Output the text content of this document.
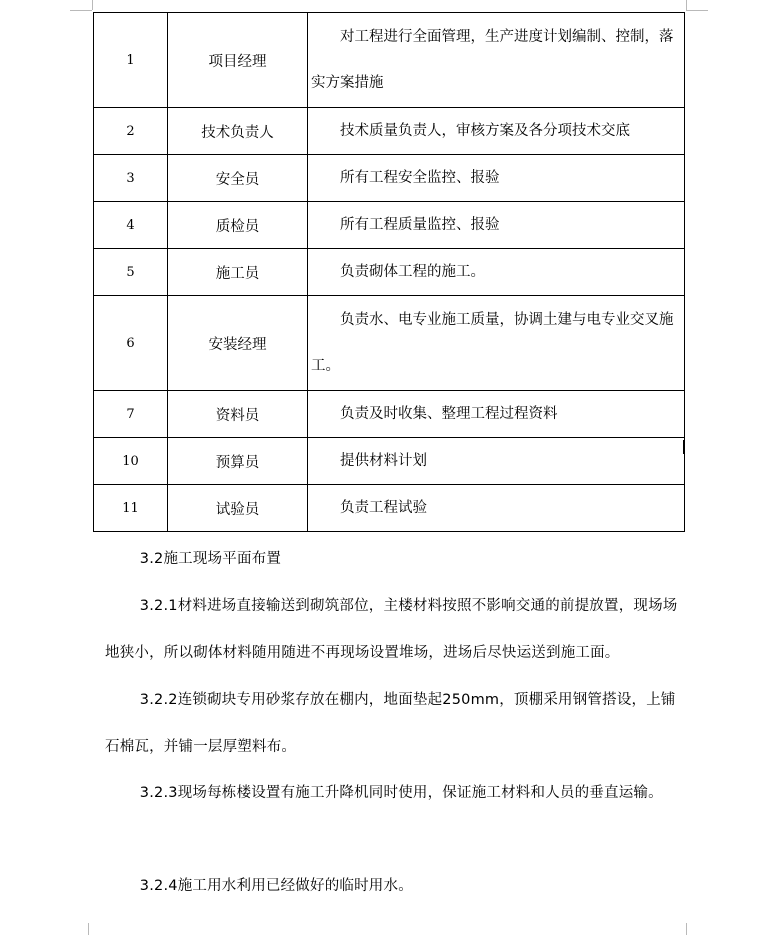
1	项目经理	对工程进行全面管理，生产进度计划编制、控制，落实方案措施
2	技术负责人	技术质量负责人，审核方案及各分项技术交底
3	安全员	所有工程安全监控、报验
4	质检员	所有工程质量监控、报验
5	施工员	负责砌体工程的施工。
6	安装经理	负责水、电专业施工质量，协调土建与电专业交叉施工。
7	资料员	负责及时收集、整理工程过程资料
10	预算员	提供材料计划
11	试验员	负责工程试验
3.2施工现场平面布置
3.2.1材料进场直接输送到砌筑部位，主楼材料按照不影响交通的前提放置，现场场地狭小，所以砌体材料随用随进不再现场设置堆场，进场后尽快运送到施工面。
3.2.2连锁砌块专用砂浆存放在棚内，地面垫起250mm，顶棚采用钢管搭设，上铺石棉瓦，并铺一层厚塑料布。
3.2.3现场每栋楼设置有施工升降机同时使用，保证施工材料和人员的垂直运输。
3.2.4施工用水利用已经做好的临时用水。
